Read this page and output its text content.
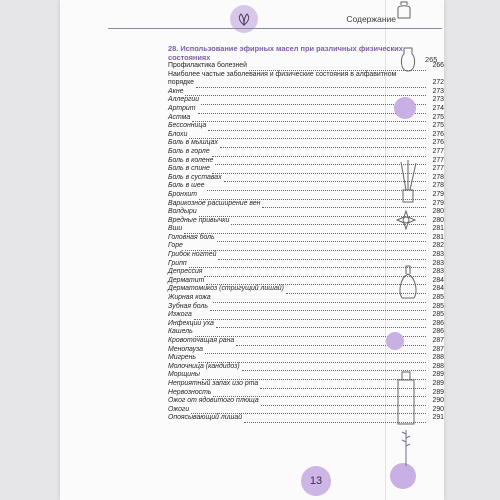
Содержание
28. Использование эфирных масел при различных физических состояниях	265
Профилактика болезней	266
Наиболее частые заболевания и физические состояния в алфавитном
порядке	272
Акне	273
Аллергии	273
Артрит	274
Астма	275
Бессонница	275
Блохи	276
Боль в мышцах	276
Боль в горле	277
Боль в колене	277
Боль в спине	277
Боль в суставах	278
Боль в шее	278
Бронхит	279
Варикозное расширение вен	279
Волдыри	280
Вредные привычки	280
Вши	281
Головная боль	281
Горе	282
Грибок ногтей	283
Грипп	283
Депрессия	283
Дерматит	284
Дерматомикоз (стригущий лишай)	284
Жирная кожа	285
Зубная боль	285
Изжога	285
Инфекции уха	286
Кашель	286
Кровоточащая рана	287
Менопауза	287
Мигрень	288
Молочница (кандидоз)	288
Морщины	289
Неприятный запах изо рта	289
Нервозность	289
Ожог от ядовитого плюща	290
Ожоги	290
Опоясывающий лишай	291
13
